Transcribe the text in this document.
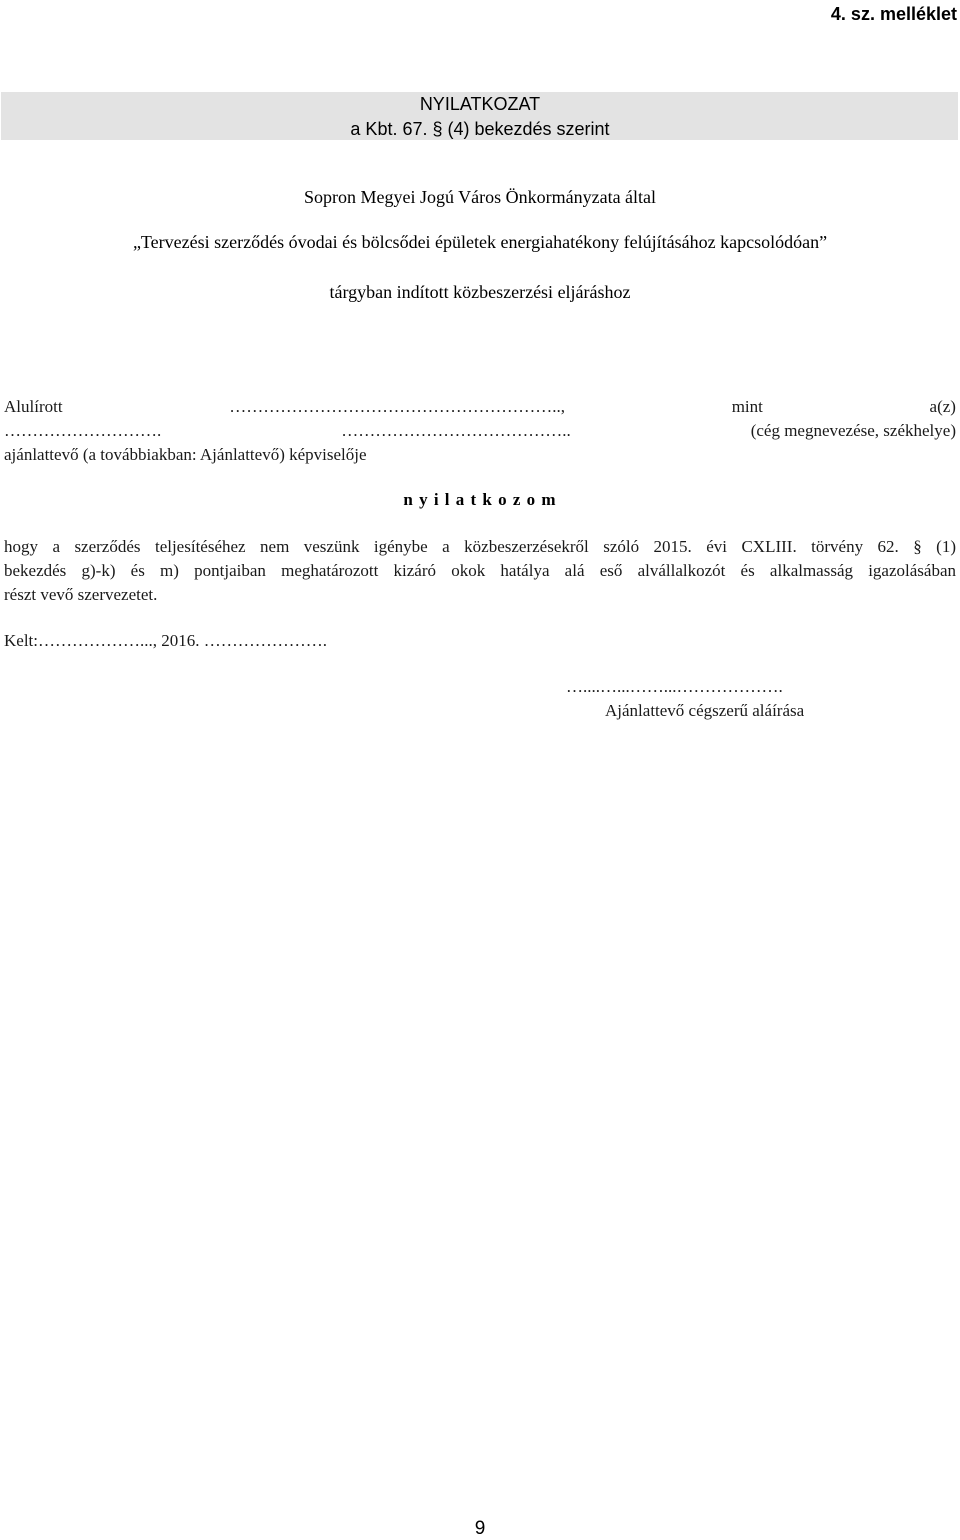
4. sz. melléklet
NYILATKOZAT
a Kbt. 67. § (4) bekezdés szerint
Sopron Megyei Jogú Város Önkormányzata által
„Tervezési szerződés óvodai és bölcsődei épületek energiahatékony felújításához kapcsolódóan”
tárgyban indított közbeszerzési eljáráshoz
Alulírott	…………………………………………………..,	mint	a(z)
……………………….	…………………………………..	(cég megnevezése, székhelye)
ajánlattevő (a továbbiakban: Ajánlattevő) képviselője
n y i l a t k o z o m
hogy a szerződés teljesítéséhez nem veszünk igénybe a közbeszerzésekről szóló 2015. évi CXLIII. törvény 62. § (1)
bekezdés g)-k) és m) pontjaiban meghatározott kizáró okok hatálya alá eső alvállalkozót és alkalmasság igazolásában
részt vevő szervezetet.
Kelt:………………..., 2016. ………………….
…....…...……...……………….
Ajánlattevő cégszerű aláírása
9
